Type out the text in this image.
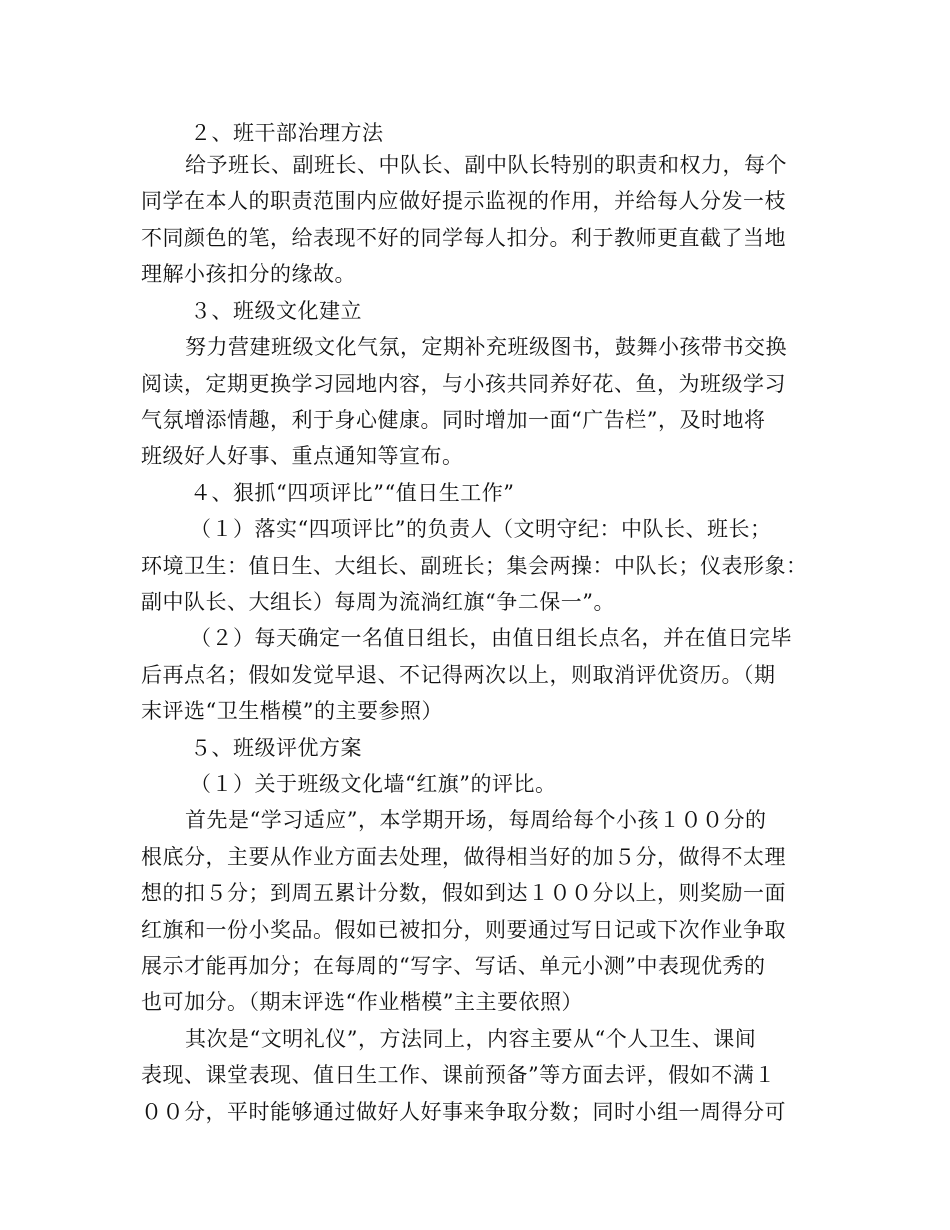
２、班干部治理方法

给予班长、副班长、中队长、副中队长特别的职责和权力，每个

同学在本人的职责范围内应做好提示监视的作用，并给每人分发一枝

不同颜色的笔，给表现不好的同学每人扣分。利于教师更直截了当地

理解小孩扣分的缘故。

３、班级文化建立

努力营建班级文化气氛，定期补充班级图书，鼓舞小孩带书交换

阅读，定期更换学习园地内容，与小孩共同养好花、鱼，为班级学习

气氛增添情趣，利于身心健康。同时增加一面“广告栏”，及时地将

班级好人好事、重点通知等宣布。

４、狠抓“四项评比”“值日生工作”

（１）落实“四项评比”的负责人（文明守纪：中队长、班长；

环境卫生：值日生、大组长、副班长；集会两操：中队长；仪表形象：

副中队长、大组长）每周为流淌红旗“争二保一”。

（２）每天确定一名值日组长，由值日组长点名，并在值日完毕

后再点名；假如发觉早退、不记得两次以上，则取消评优资历。（期

末评选“卫生楷模”的主要参照）

５、班级评优方案

（１）关于班级文化墙“红旗”的评比。

首先是“学习适应”，本学期开场，每周给每个小孩１００分的

根底分，主要从作业方面去处理，做得相当好的加５分，做得不太理

想的扣５分；到周五累计分数，假如到达１００分以上，则奖励一面

红旗和一份小奖品。假如已被扣分，则要通过写日记或下次作业争取

展示才能再加分；在每周的“写字、写话、单元小测”中表现优秀的

也可加分。（期末评选“作业楷模”主主要依照）

其次是“文明礼仪”，方法同上，内容主要从“个人卫生、课间

表现、课堂表现、值日生工作、课前预备”等方面去评，假如不满１

００分，平时能够通过做好人好事来争取分数；同时小组一周得分可
